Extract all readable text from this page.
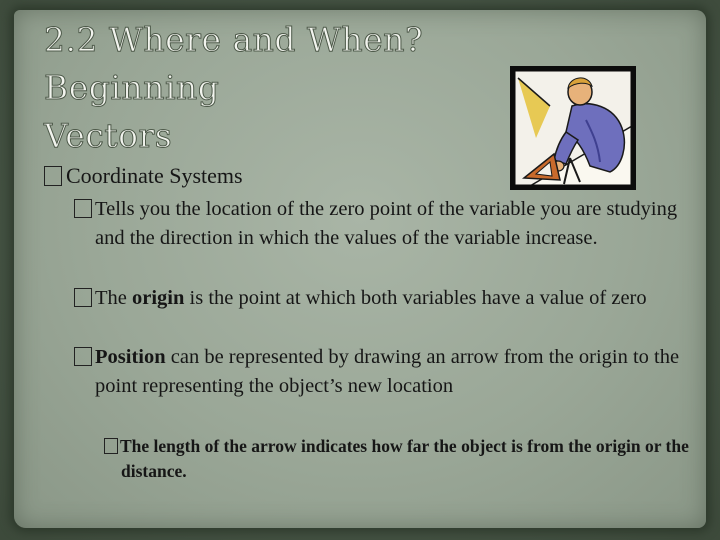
2.2 Where and When? Beginning
Vectors
Coordinate Systems
Tells you the location of the zero point of the variable you are studying and the direction in which the values of the variable increase.
The origin is the point at which both variables have a value of zero
Position can be represented by drawing an arrow from the origin to the point representing the object’s new location
The length of the arrow indicates how far the object is from the origin or the distance.
